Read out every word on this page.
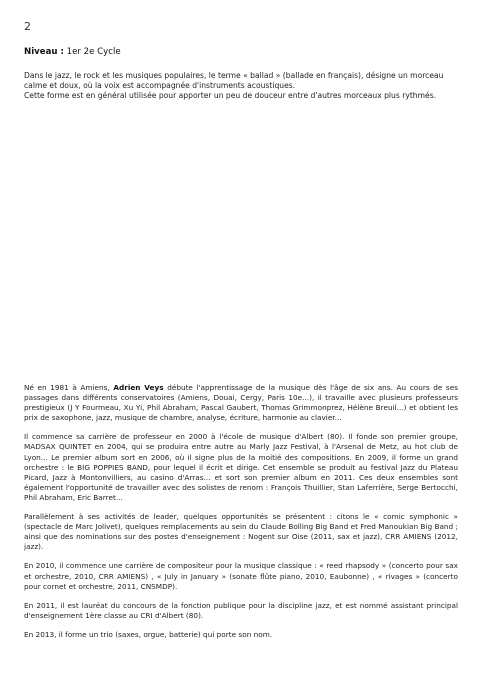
2
Niveau : 1er 2e Cycle

Dans le jazz, le rock et les musiques populaires, le terme « ballad » (ballade en français), désigne un morceau calme et doux, où la voix est accompagnée d'instruments acoustiques.

Cette forme est en général utilisée pour apporter un peu de douceur entre d'autres morceaux plus rythmés.

Né en 1981 à Amiens, Adrien Veys débute l'apprentissage de la musique dès l'âge de six ans. Au cours de ses passages dans différents conservatoires (Amiens, Douai, Cergy, Paris 10e...), il travaille avec plusieurs professeurs prestigieux (J Y Fourmeau, Xu Yi, Phil Abraham, Pascal Gaubert, Thomas Grimmonprez, Hélène Breuil...) et obtient les prix de saxophone, jazz, musique de chambre, analyse, écriture, harmonie au clavier...

Il commence sa carrière de professeur en 2000 à l'école de musique d'Albert (80). Il fonde son premier groupe, MADSAX QUINTET en 2004, qui se produira entre autre au Marly Jazz Festival, à l'Arsenal de Metz, au hot club de Lyon... Le premier album sort en 2006, où il signe plus de la moitié des compositions. En 2009, il forme un grand orchestre : le BIG POPPIES BAND, pour lequel il écrit et dirige. Cet ensemble se produit au festival Jazz du Plateau Picard, Jazz à Montonvilliers, au casino d'Arras... et sort son premier album en 2011. Ces deux ensembles sont également l'opportunité de travailler avec des solistes de renom : François Thuillier, Stan Laferrière, Serge Bertocchi, Phil Abraham, Eric Barret...

Parallèlement à ses activités de leader, quelques opportunités se présentent : citons le « comic symphonic » (spectacle de Marc Jolivet), quelques remplacements au sein du Claude Bolling Big Band et Fred Manoukian Big Band ; ainsi que des nominations sur des postes d'enseignement : Nogent sur Oise (2011, sax et jazz), CRR AMIENS (2012, jazz).

En 2010, il commence une carrière de compositeur pour la musique classique : « reed rhapsody » (concerto pour sax et orchestre, 2010, CRR AMIENS) , « July in January » (sonate flûte piano, 2010, Eaubonne) , « rivages » (concerto pour cornet et orchestre, 2011, CNSMDP).

En 2011, il est lauréat du concours de la fonction publique pour la discipline jazz, et est nommé assistant principal d'enseignement 1ère classe au CRI d'Albert (80).

En 2013, il forme un trio (saxes, orgue, batterie) qui porte son nom.
